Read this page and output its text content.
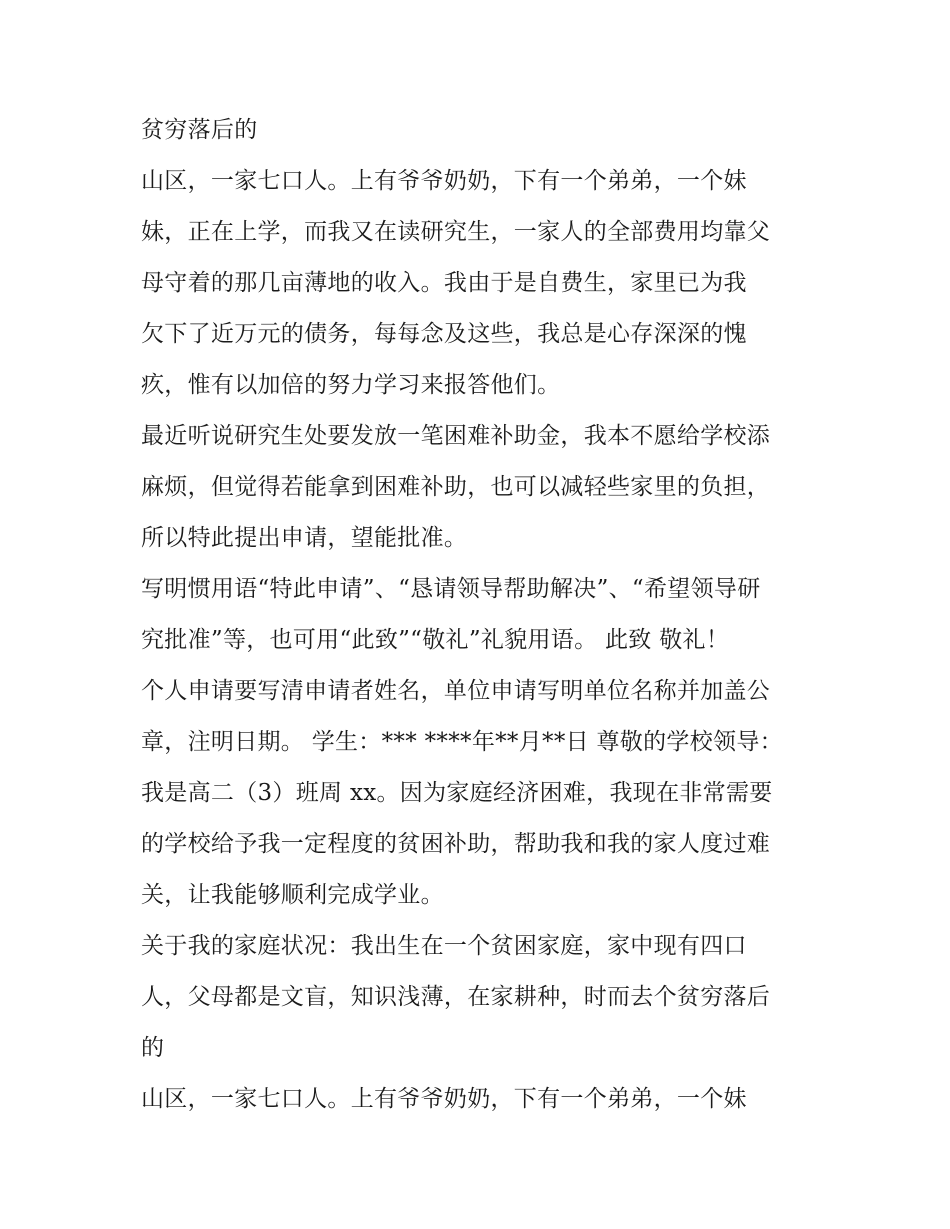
贫穷落后的
山区，一家七口人。上有爷爷奶奶，下有一个弟弟，一个妹
妹，正在上学，而我又在读研究生，一家人的全部费用均靠父
母守着的那几亩薄地的收入。我由于是自费生，家里已为我
欠下了近万元的债务，每每念及这些，我总是心存深深的愧
疚，惟有以加倍的努力学习来报答他们。
最近听说研究生处要发放一笔困难补助金，我本不愿给学校添
麻烦，但觉得若能拿到困难补助，也可以减轻些家里的负担，
所以特此提出申请，望能批准。
写明惯用语“特此申请”、“恳请领导帮助解决”、“希望领导研
究批准”等，也可用“此致”“敬礼”礼貌用语。 此致 敬礼！
个人申请要写清申请者姓名，单位申请写明单位名称并加盖公
章，注明日期。 学生：*** ****年**月**日 尊敬的学校领导：
我是高二（3）班周 xx。因为家庭经济困难，我现在非常需要
的学校给予我一定程度的贫困补助，帮助我和我的家人度过难
关，让我能够顺利完成学业。
关于我的家庭状况：我出生在一个贫困家庭，家中现有四口
人，父母都是文盲，知识浅薄，在家耕种，时而去个贫穷落后
的
山区，一家七口人。上有爷爷奶奶，下有一个弟弟，一个妹
